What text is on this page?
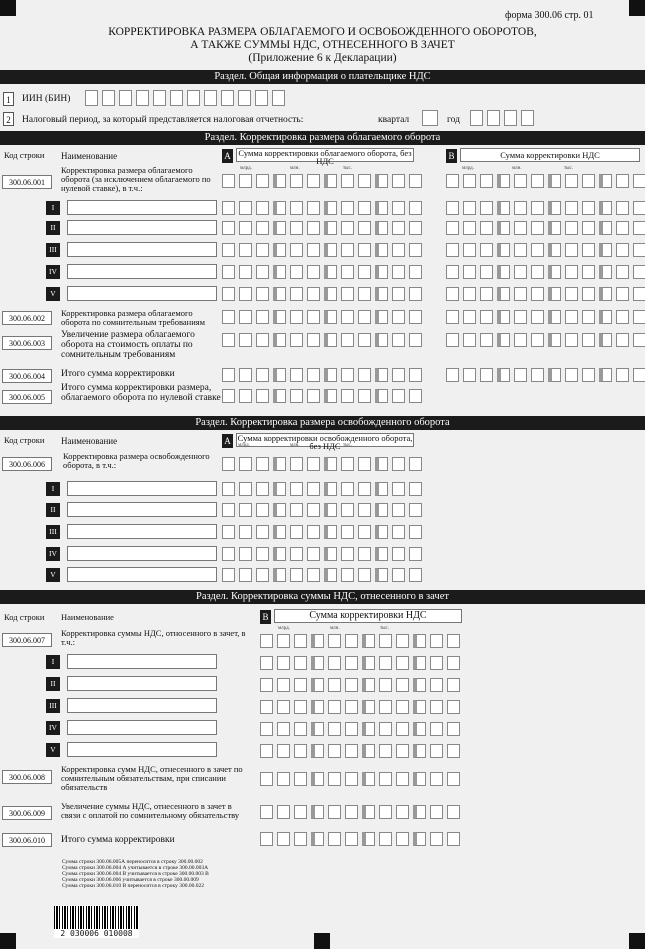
форма 300.06 стр. 01
КОРРЕКТИРОВКА РАЗМЕРА ОБЛАГАЕМОГО И ОСВОБОЖДЕННОГО ОБОРОТОВ,
А ТАКЖЕ СУММЫ НДС, ОТНЕСЕННОГО В ЗАЧЕТ
(Приложение 6 к Декларации)
Раздел. Общая информация о плательщике НДС
1	ИИН (БИН)
2	Налоговый период, за который представляется налоговая отчетность:	квартал	год
Раздел. Корректировка размера облагаемого оборота
Код строки Наименование	A Сумма корректировки облагаемого оборота, без НДС	B	Сумма корректировки НДС
млрд.	млн.	тыс.	млрд.	млн.	тыс.
300.06.001
Корректировка размера облагаемого оборота (за исключением облагаемого по нулевой ставке), в т.ч.:
I
II
III
IV
V
300.06.002
Корректировка размера облагаемого оборота по сомнительным требованиям
300.06.003
Увеличение размера облагаемого оборота на стоимость оплаты по сомнительным требованиям
300.06.004	Итого сумма корректировки
300.06.005
Итого сумма корректировки размера, облагаемого оборота по нулевой ставке
Раздел. Корректировка размера освобожденного оборота
Код строки Наименование	A Сумма корректировки освобожденного оборота, без НДС
млрд.	млн.	тыс.
300.06.006
Корректировка размера освобожденного оборота, в т.ч.:
I
II
III
IV
V
Раздел. Корректировка суммы НДС, отнесенного в зачет
Код строки Наименование	B	Сумма корректировки НДС
млрд.	млн.	тыс.
300.06.007
Корректировка суммы НДС, относенного в зачет, в т.ч.:
I
II
III
IV
V
300.06.008
Корректировка сумм НДС, отнесенного в зачет по сомнительным обязательствам, при списании обязательств
300.06.009
Увеличение суммы НДС, отнесенного в зачет в связи с оплатой по сомнительному обязательству
300.06.010	Итого сумма корректировки
Сумма строки 300.06.005А переносится в строку 300.00.002
Сумма строки 300.06.004 А учитывается в строке 300.00.003А
Сумма строки 300.06.004 В учитывается в строке 300.00.003 В
Сумма строки 300.06.006 учитывается в строке 300.00.009
Сумма строки 300.06.010 В переносится в строку 300.00.022
2 030006 010008
